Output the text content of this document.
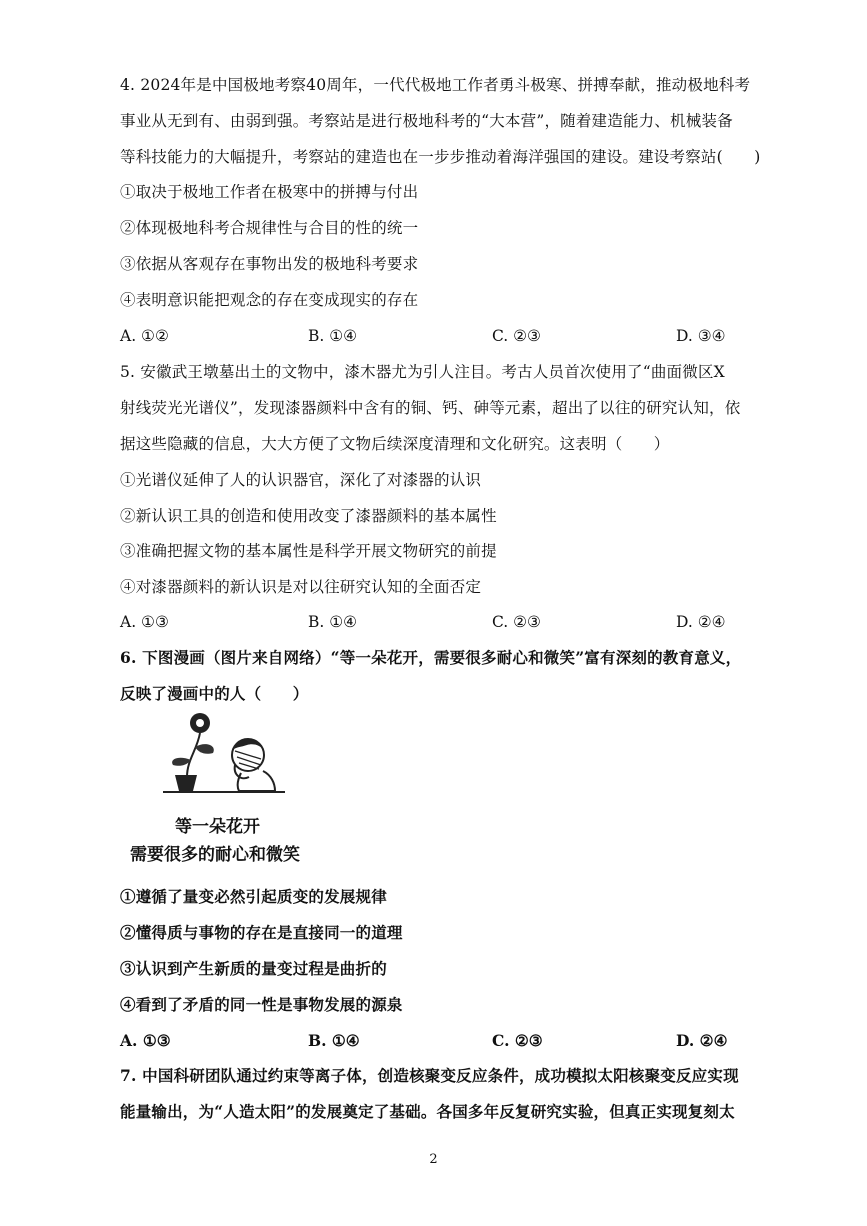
4. 2024年是中国极地考察40周年，一代代极地工作者勇斗极寒、拼搏奉献，推动极地科考
事业从无到有、由弱到强。考察站是进行极地科考的“大本营”，随着建造能力、机械装备
等科技能力的大幅提升，考察站的建造也在一步步推动着海洋强国的建设。建设考察站(　　)
①取决于极地工作者在极寒中的拼搏与付出
②体现极地科考合规律性与合目的性的统一
③依据从客观存在事物出发的极地科考要求
④表明意识能把观念的存在变成现实的存在
A. ①②	B. ①④	C. ②③	D. ③④
5. 安徽武王墩墓出土的文物中，漆木器尤为引人注目。考古人员首次使用了“曲面微区X
射线荧光光谱仪”，发现漆器颜料中含有的铜、钙、砷等元素，超出了以往的研究认知，依
据这些隐藏的信息，大大方便了文物后续深度清理和文化研究。这表明（　　）
①光谱仪延伸了人的认识器官，深化了对漆器的认识
②新认识工具的创造和使用改变了漆器颜料的基本属性
③准确把握文物的基本属性是科学开展文物研究的前提
④对漆器颜料的新认识是对以往研究认知的全面否定
A. ①③	B. ①④	C. ②③	D. ②④
6. 下图漫画（图片来自网络）“等一朵花开，需要很多耐心和微笑”富有深刻的教育意义，
反映了漫画中的人（　　）
等一朵花开
需要很多的耐心和微笑
①遵循了量变必然引起质变的发展规律
②懂得质与事物的存在是直接同一的道理
③认识到产生新质的量变过程是曲折的
④看到了矛盾的同一性是事物发展的源泉
A. ①③	B. ①④	C. ②③	D. ②④
7. 中国科研团队通过约束等离子体，创造核聚变反应条件，成功模拟太阳核聚变反应实现
能量输出，为“人造太阳”的发展奠定了基础。各国多年反复研究实验，但真正实现复刻太
2
